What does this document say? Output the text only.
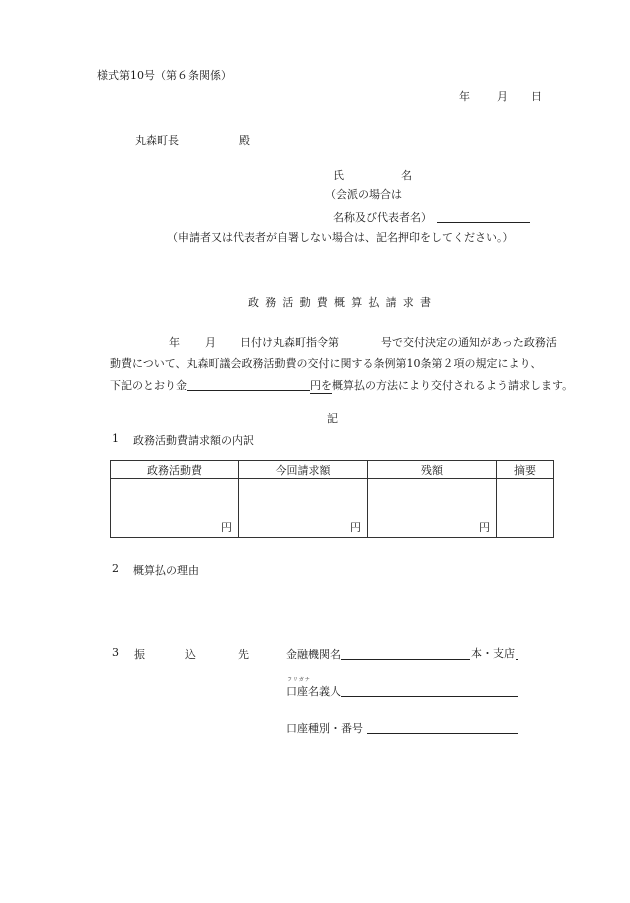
様式第10号（第６条関係）
年 月 日
丸森町長	殿
氏	名
（会派の場合は
名称及び代表者名）
（申請者又は代表者が自署しない場合は、記名押印をしてください。）
政務活動費概算払請求書
年 月 日付け丸森町指令第	号で交付決定の通知があった政務活
動費について、丸森町議会政務活動費の交付に関する条例第10条第２項の規定により、
下記のとおり金	円を概算払の方法により交付されるよう請求します。
記
1 政務活動費請求額の内訳
政務活動費	今回請求額	残額	摘要
円	円	円	
2 概算払の理由
3 振	込	先	金融機関名	本・支店
フリガナ
口座名義人
口座種別・番号
